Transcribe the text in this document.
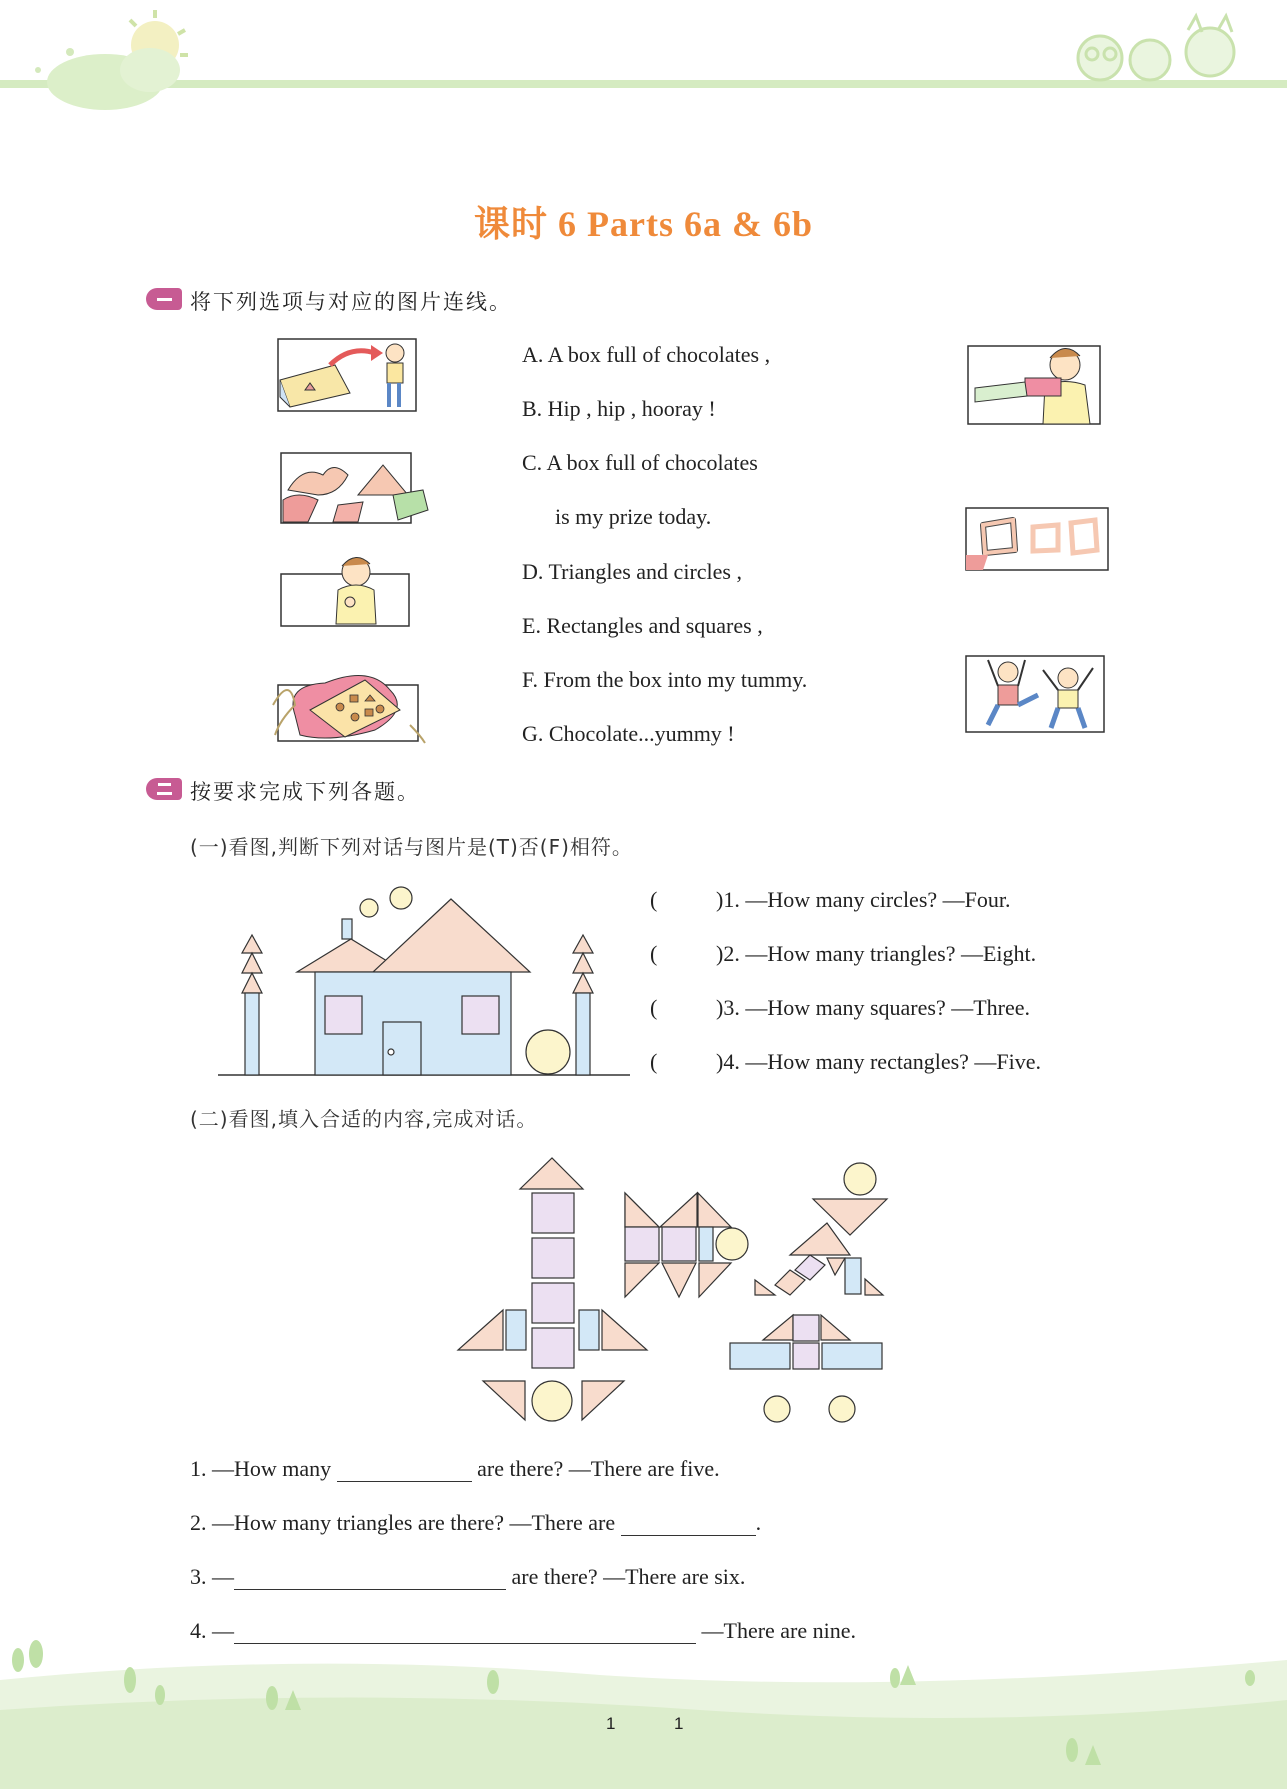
课时 6 Parts 6a & 6b
将下列选项与对应的图片连线。
A. A box full of chocolates ,
B. Hip , hip , hooray !
C. A box full of chocolates
is my prize today.
D. Triangles and circles ,
E. Rectangles and squares ,
F. From the box into my tummy.
G. Chocolate...yummy !
按要求完成下列各题。
(一)看图,判断下列对话与图片是(T)否(F)相符。
(	)1. —How many circles? —Four.
(	)2. —How many triangles? —Eight.
(	)3. —How many squares? —Three.
(	)4. —How many rectangles? —Five.
(二)看图,填入合适的内容,完成对话。
1. —How many	are there? —There are five.
2. —How many triangles are there? —There are	.
3. —	are there? —There are six.
4. —	—There are nine.
1	1
